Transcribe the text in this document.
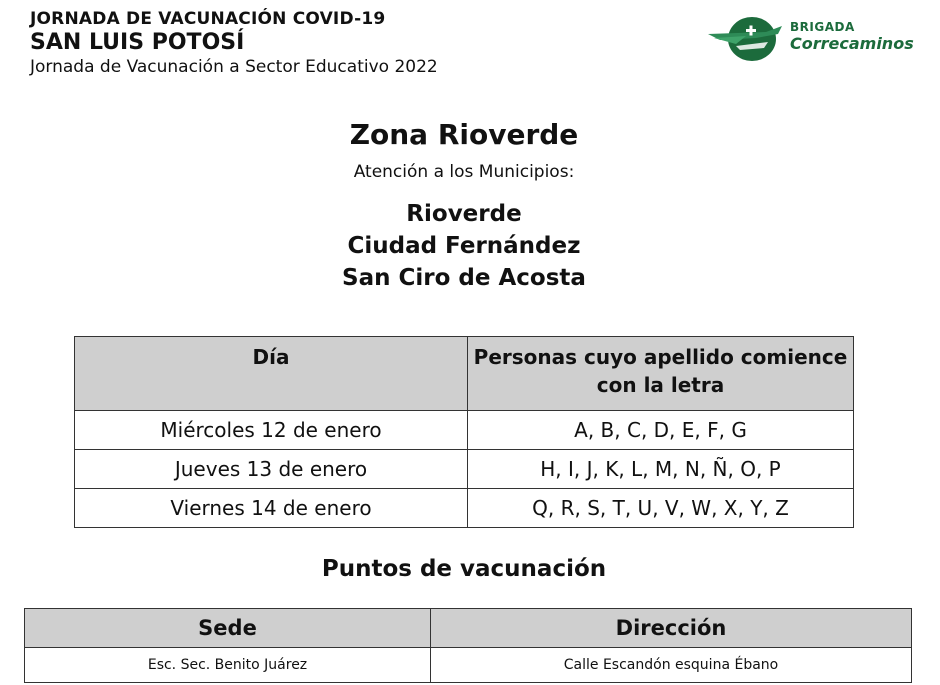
JORNADA DE VACUNACIÓN COVID-19
SAN LUIS POTOSÍ
Jornada de Vacunación a Sector Educativo 2022
BRIGADA
Correcaminos
Zona Rioverde
Atención a los Municipios:
Rioverde
Ciudad Fernández
San Ciro de Acosta
Día	Personas cuyo apellido comience con la letra
Miércoles 12 de enero	A, B, C, D, E, F, G
Jueves 13 de enero	H, I, J, K, L, M, N, Ñ, O, P
Viernes 14 de enero	Q, R, S, T, U, V, W, X, Y, Z
Puntos de vacunación
Sede	Dirección
Esc. Sec. Benito Juárez	Calle Escandón esquina Ébano
